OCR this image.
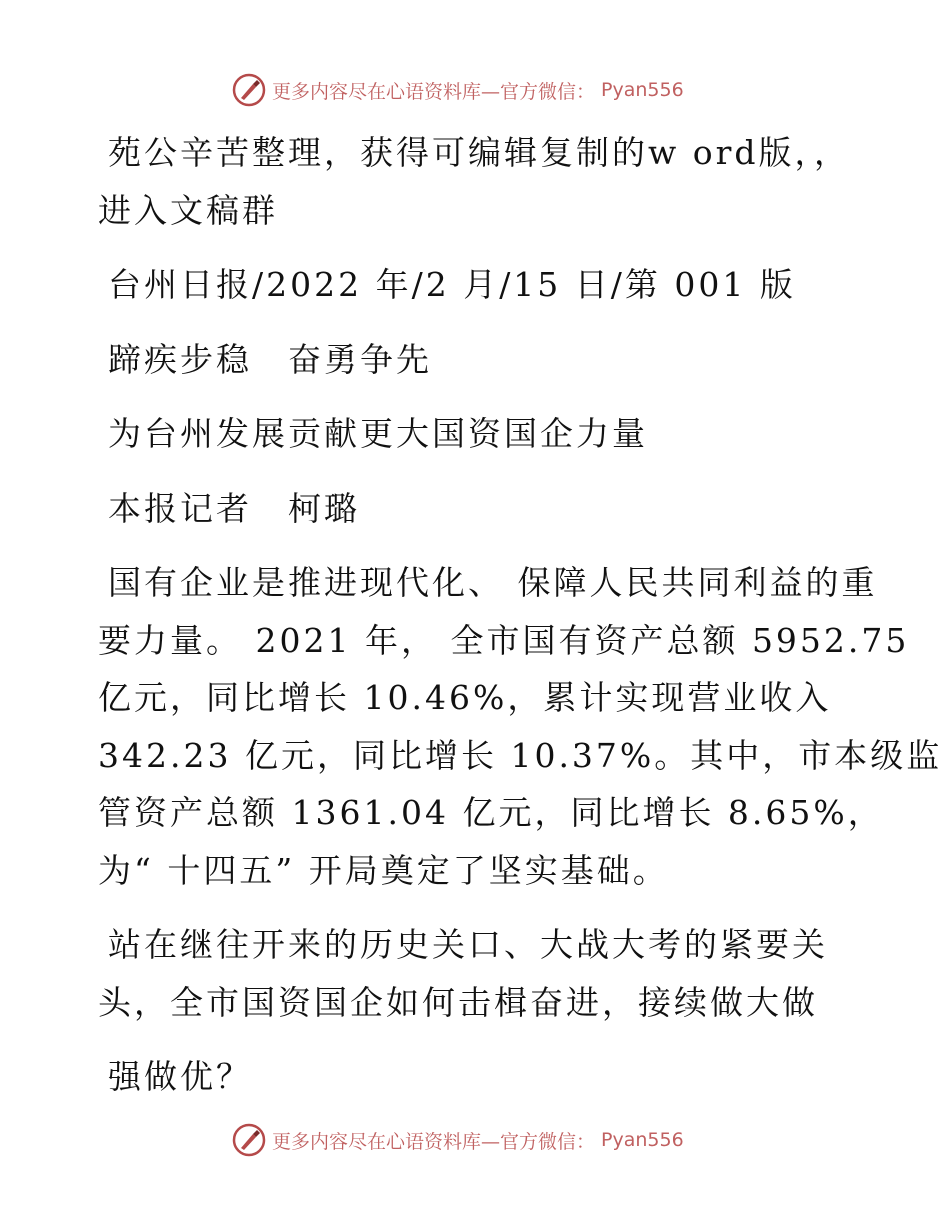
更多内容尽在心语资料库—官方微信： Pyan556

苑公辛苦整理，获得可编辑复制的w ord版，，

进入文稿群

台州日报/2022 年/2 月/15 日/第 001 版

蹄疾步稳　奋勇争先

为台州发展贡献更大国资国企力量

本报记者　柯璐

国有企业是推进现代化、 保障人民共同利益的重

要力量。 2021 年， 全市国有资产总额 5952.75

亿元，同比增长 10.46%，累计实现营业收入

342.23 亿元，同比增长 10.37%。其中，市本级监

管资产总额 1361.04 亿元，同比增长 8.65%，

为“ 十四五” 开局奠定了坚实基础。

站在继往开来的历史关口、大战大考的紧要关

头，全市国资国企如何击楫奋进，接续做大做

强做优？

更多内容尽在心语资料库—官方微信： Pyan556
